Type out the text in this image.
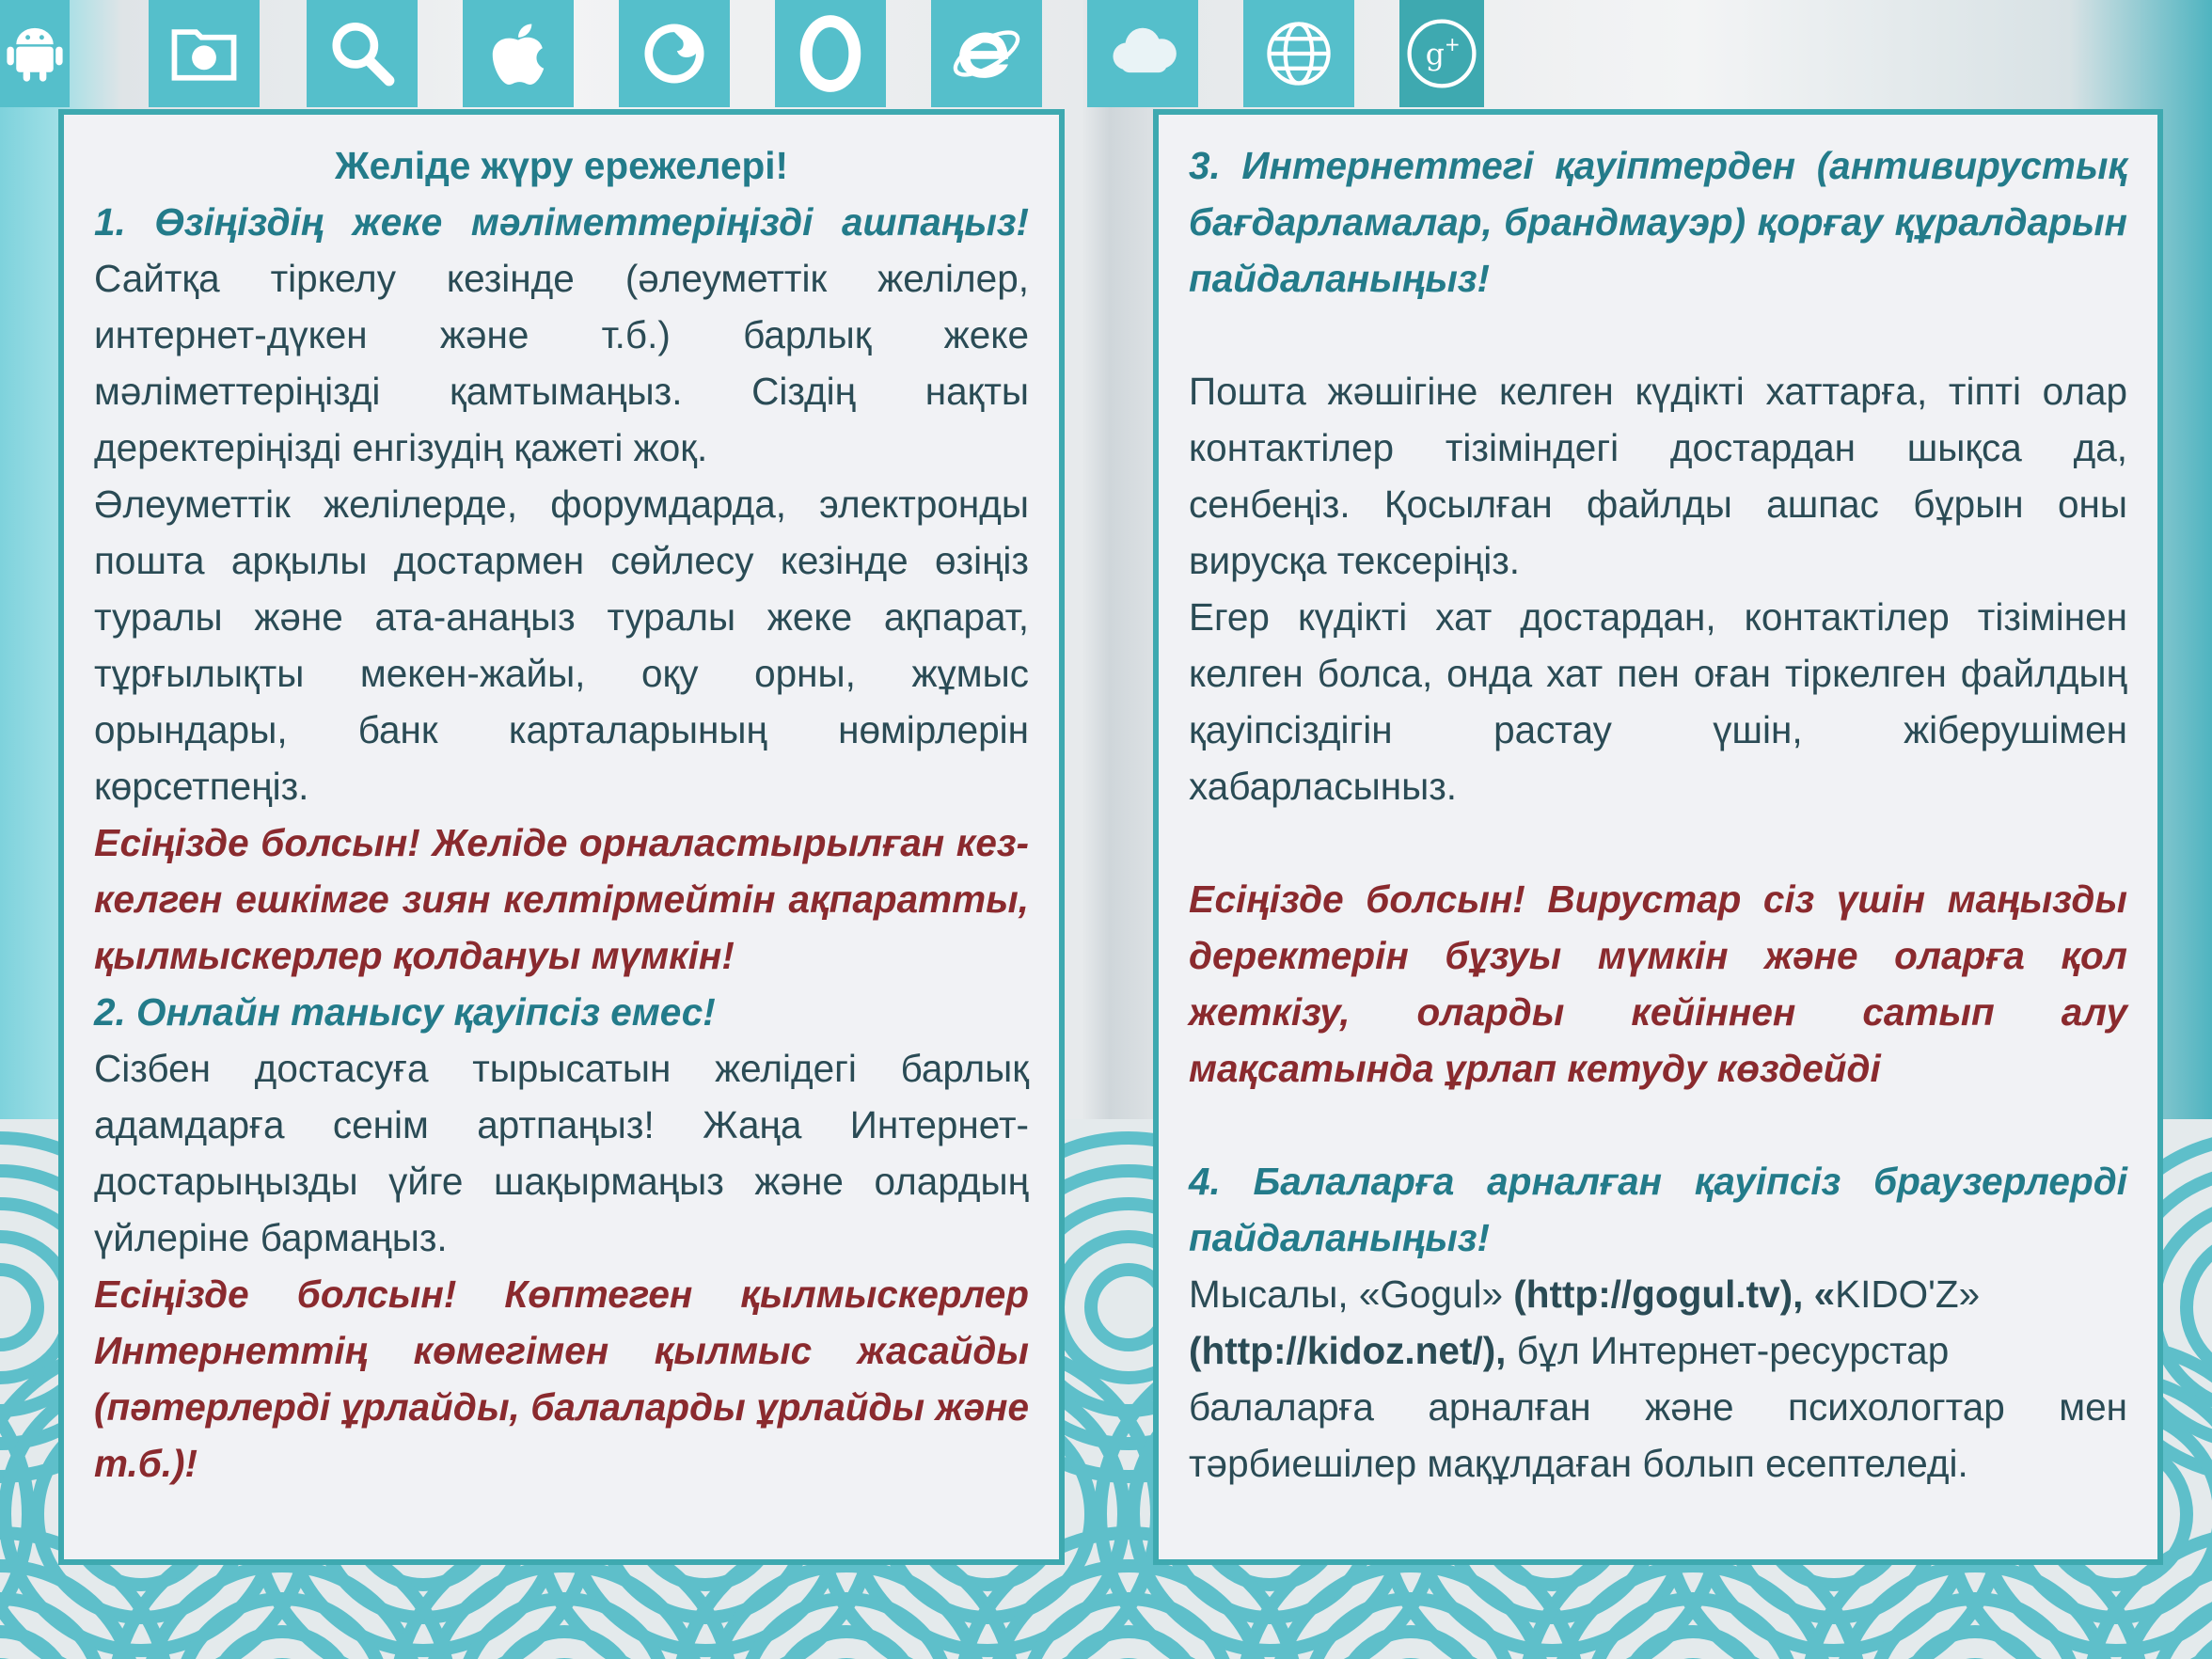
g +

Желіде жүру ережелері!

1. Өзіңіздің жеке мәліметтеріңізді ашпаңыз! Сайтқа тіркелу кезінде (әлеуметтік желілер, интернет-дүкен және т.б.) барлық жеке мәліметтеріңізді қамтымаңыз. Сіздің нақты деректеріңізді енгізудің қажеті жоқ.

Әлеуметтік желілерде, форумдарда, электронды пошта арқылы достармен сөйлесу кезінде өзіңіз туралы және ата-анаңыз туралы жеке ақпарат, тұрғылықты мекен-жайы, оқу орны, жұмыс орындары, банк карталарының нөмірлерін көрсетпеңіз.

Есіңізде болсын! Желіде орналастырылған кез-келген ешкімге зиян келтірмейтін ақпаратты, қылмыскерлер қолдануы мүмкін!

2. Онлайн танысу қауіпсіз емес!

Сізбен достасуға тырысатын желідегі барлық адамдарға сенім артпаңыз! Жаңа Интернет-достарыңызды үйге шақырмаңыз және олардың үйлеріне бармаңыз.

Есіңізде болсын! Көптеген қылмыскерлер Интернеттің көмегімен қылмыс жасайды (пәтерлерді ұрлайды, балаларды ұрлайды және т.б.)!

3. Интернеттегі қауіптерден (антивирустық бағдарламалар, брандмауэр) қорғау құралдарын пайдаланыңыз!

Пошта жәшігіне келген күдікті хаттарға, тіпті олар контактілер тізіміндегі достардан шықса да, сенбеңіз. Қосылған файлды ашпас бұрын оны вирусқа тексеріңіз.

Егер күдікті хат достардан, контактілер тізімінен келген болса, онда хат пен оған тіркелген файлдың қауіпсіздігін растау үшін, жіберушімен хабарласыныз.

Есіңізде болсын! Вирустар сіз үшін маңызды деректерін бұзуы мүмкін және оларға қол жеткізу, оларды кейіннен сатып алу мақсатында ұрлап кетуду көздейді

4. Балаларға арналған қауіпсіз браузерлерді пайдаланыңыз!

Мысалы, «Gogul» (http://gogul.tv), «KIDO'Z» (http://kidoz.net/), бұл Интернет-ресурстар

балаларға арналған және психологтар мен тәрбиешілер мақұлдаған болып есептеледі.
